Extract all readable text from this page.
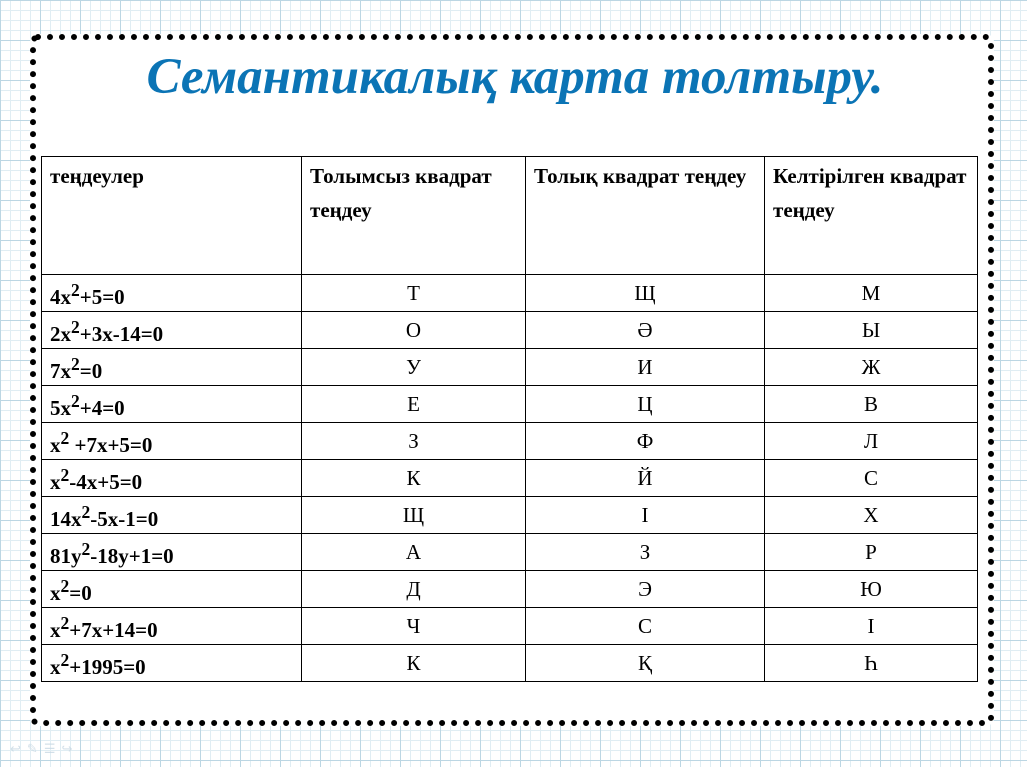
Семантикалық карта толтыру.
теңдеулер	Толымсыз квадрат теңдеу	Толық квадрат теңдеу	Келтірілген квадрат теңдеу
$4x^2+5=0$	Т	Щ	М
$2x^2+3x-14=0$	О	Ә	Ы
$7x^2=0$	У	И	Ж
$5x^2+4=0$	Е	Ц	В
$x^2 +7x+5=0$	З	Ф	Л
$x^2-4x+5=0$	К	Й	С
$14x^2-5x-1=0$	Щ	І	Х
$81y^2-18y+1=0$	А	З	Р
$x^2=0$	Д	Э	Ю
$x^2+7x+14=0$	Ч	С	І
$x^2+1995=0$	К	Қ	Һ
↩✎☰↪
